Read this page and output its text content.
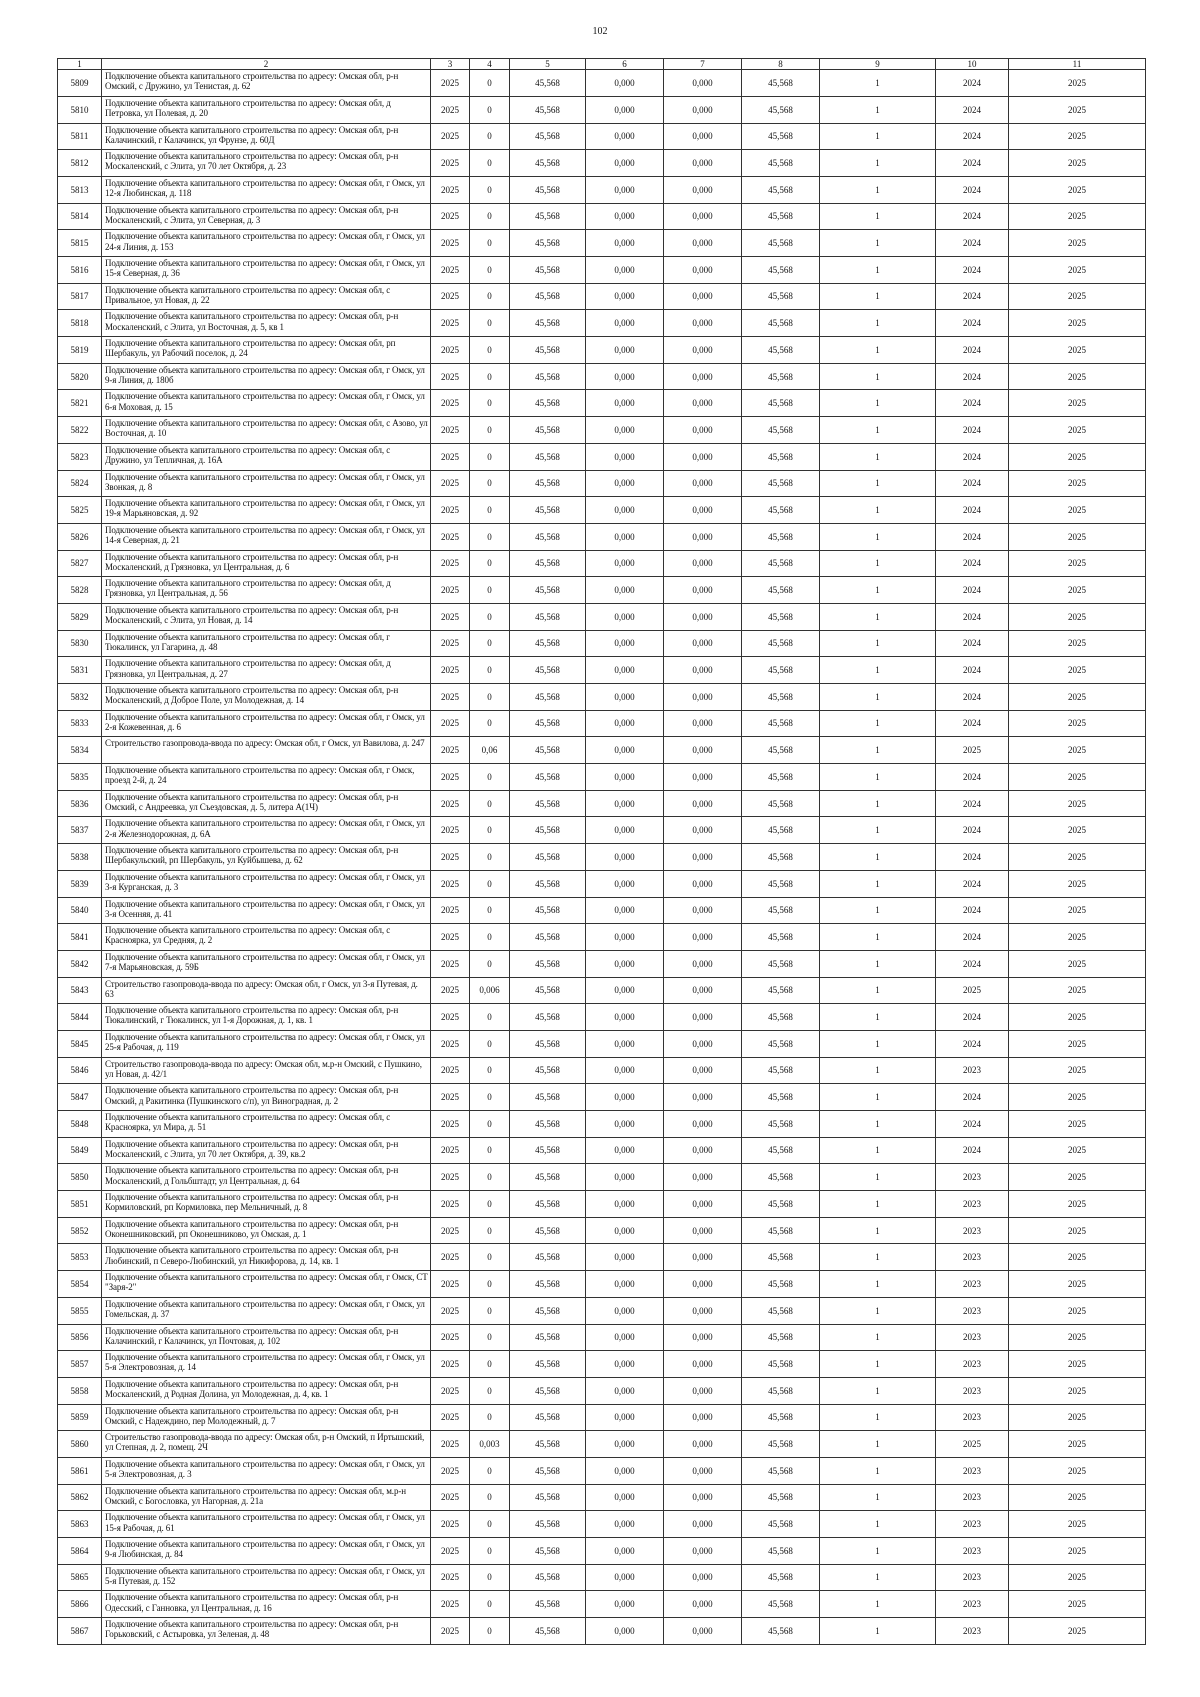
102
1	2	3	4	5	6	7	8	9	10	11
5809	Подключение объекта капитального строительства по адресу: Омская обл, р-н Омский, с Дружино, ул Тенистая, д. 62	2025	0	45,568	0,000	0,000	45,568	1	2024	2025
5810	Подключение объекта капитального строительства по адресу: Омская обл, д Петровка, ул Полевая, д. 20	2025	0	45,568	0,000	0,000	45,568	1	2024	2025
5811	Подключение объекта капитального строительства по адресу: Омская обл, р-н Калачинский, г Калачинск, ул Фрунзе, д. 60Д	2025	0	45,568	0,000	0,000	45,568	1	2024	2025
5812	Подключение объекта капитального строительства по адресу: Омская обл, р-н Москаленский, с Элита, ул 70 лет Октября, д. 23	2025	0	45,568	0,000	0,000	45,568	1	2024	2025
5813	Подключение объекта капитального строительства по адресу: Омская обл, г Омск, ул 12-я Любинская, д. 118	2025	0	45,568	0,000	0,000	45,568	1	2024	2025
5814	Подключение объекта капитального строительства по адресу: Омская обл, р-н Москаленский, с Элита, ул Северная, д. 3	2025	0	45,568	0,000	0,000	45,568	1	2024	2025
5815	Подключение объекта капитального строительства по адресу: Омская обл, г Омск, ул 24-я Линия, д. 153	2025	0	45,568	0,000	0,000	45,568	1	2024	2025
5816	Подключение объекта капитального строительства по адресу: Омская обл, г Омск, ул 15-я Северная, д. 36	2025	0	45,568	0,000	0,000	45,568	1	2024	2025
5817	Подключение объекта капитального строительства по адресу: Омская обл, с Привальное, ул Новая, д. 22	2025	0	45,568	0,000	0,000	45,568	1	2024	2025
5818	Подключение объекта капитального строительства по адресу: Омская обл, р-н Москаленский, с Элита, ул Восточная, д. 5, кв 1	2025	0	45,568	0,000	0,000	45,568	1	2024	2025
5819	Подключение объекта капитального строительства по адресу: Омская обл, рп Шербакуль, ул Рабочий поселок, д. 24	2025	0	45,568	0,000	0,000	45,568	1	2024	2025
5820	Подключение объекта капитального строительства по адресу: Омская обл, г Омск, ул 9-я Линия, д. 180б	2025	0	45,568	0,000	0,000	45,568	1	2024	2025
5821	Подключение объекта капитального строительства по адресу: Омская обл, г Омск, ул 6-я Моховая, д. 15	2025	0	45,568	0,000	0,000	45,568	1	2024	2025
5822	Подключение объекта капитального строительства по адресу: Омская обл, с Азово, ул Восточная, д. 10	2025	0	45,568	0,000	0,000	45,568	1	2024	2025
5823	Подключение объекта капитального строительства по адресу: Омская обл, с Дружино, ул Тепличная, д. 16А	2025	0	45,568	0,000	0,000	45,568	1	2024	2025
5824	Подключение объекта капитального строительства по адресу: Омская обл, г Омск, ул Звонкая, д. 8	2025	0	45,568	0,000	0,000	45,568	1	2024	2025
5825	Подключение объекта капитального строительства по адресу: Омская обл, г Омск, ул 19-я Марьяновская, д. 92	2025	0	45,568	0,000	0,000	45,568	1	2024	2025
5826	Подключение объекта капитального строительства по адресу: Омская обл, г Омск, ул 14-я Северная, д. 21	2025	0	45,568	0,000	0,000	45,568	1	2024	2025
5827	Подключение объекта капитального строительства по адресу: Омская обл, р-н Москаленский, д Грязновка, ул Центральная, д. 6	2025	0	45,568	0,000	0,000	45,568	1	2024	2025
5828	Подключение объекта капитального строительства по адресу: Омская обл, д Грязновка, ул Центральная, д. 56	2025	0	45,568	0,000	0,000	45,568	1	2024	2025
5829	Подключение объекта капитального строительства по адресу: Омская обл, р-н Москаленский, с Элита, ул Новая, д. 14	2025	0	45,568	0,000	0,000	45,568	1	2024	2025
5830	Подключение объекта капитального строительства по адресу: Омская обл, г Тюкалинск, ул Гагарина, д. 48	2025	0	45,568	0,000	0,000	45,568	1	2024	2025
5831	Подключение объекта капитального строительства по адресу: Омская обл, д Грязновка, ул Центральная, д. 27	2025	0	45,568	0,000	0,000	45,568	1	2024	2025
5832	Подключение объекта капитального строительства по адресу: Омская обл, р-н Москаленский, д Доброе Поле, ул Молодежная, д. 14	2025	0	45,568	0,000	0,000	45,568	1	2024	2025
5833	Подключение объекта капитального строительства по адресу: Омская обл, г Омск, ул 2-я Кожевенная, д. 6	2025	0	45,568	0,000	0,000	45,568	1	2024	2025
5834	Строительство газопровода-ввода по адресу: Омская обл, г Омск, ул Вавилова, д. 247	2025	0,06	45,568	0,000	0,000	45,568	1	2025	2025
5835	Подключение объекта капитального строительства по адресу: Омская обл, г Омск, проезд 2-й, д. 24	2025	0	45,568	0,000	0,000	45,568	1	2024	2025
5836	Подключение объекта капитального строительства по адресу: Омская обл, р-н Омский, с Андреевка, ул Съездовская, д. 5, литера А(1Ч)	2025	0	45,568	0,000	0,000	45,568	1	2024	2025
5837	Подключение объекта капитального строительства по адресу: Омская обл, г Омск, ул 2-я Железнодорожная, д. 6А	2025	0	45,568	0,000	0,000	45,568	1	2024	2025
5838	Подключение объекта капитального строительства по адресу: Омская обл, р-н Шербакульский, рп Шербакуль, ул Куйбышева, д. 62	2025	0	45,568	0,000	0,000	45,568	1	2024	2025
5839	Подключение объекта капитального строительства по адресу: Омская обл, г Омск, ул 3-я Курганская, д. 3	2025	0	45,568	0,000	0,000	45,568	1	2024	2025
5840	Подключение объекта капитального строительства по адресу: Омская обл, г Омск, ул 3-я Осенняя, д. 41	2025	0	45,568	0,000	0,000	45,568	1	2024	2025
5841	Подключение объекта капитального строительства по адресу: Омская обл, с Красноярка, ул Средняя, д. 2	2025	0	45,568	0,000	0,000	45,568	1	2024	2025
5842	Подключение объекта капитального строительства по адресу: Омская обл, г Омск, ул 7-я Марьяновская, д. 59Б	2025	0	45,568	0,000	0,000	45,568	1	2024	2025
5843	Строительство газопровода-ввода по адресу: Омская обл, г Омск, ул 3-я Путевая, д. 63	2025	0,006	45,568	0,000	0,000	45,568	1	2025	2025
5844	Подключение объекта капитального строительства по адресу: Омская обл, р-н Тюкалинский, г Тюкалинск, ул 1-я Дорожная, д. 1, кв. 1	2025	0	45,568	0,000	0,000	45,568	1	2024	2025
5845	Подключение объекта капитального строительства по адресу: Омская обл, г Омск, ул 25-я Рабочая, д. 119	2025	0	45,568	0,000	0,000	45,568	1	2024	2025
5846	Строительство газопровода-ввода по адресу: Омская обл, м.р-н Омский, с Пушкино, ул Новая, д. 42/1	2025	0	45,568	0,000	0,000	45,568	1	2023	2025
5847	Подключение объекта капитального строительства по адресу: Омская обл, р-н Омский, д Ракитинка (Пушкинского с/п), ул Виноградная, д. 2	2025	0	45,568	0,000	0,000	45,568	1	2024	2025
5848	Подключение объекта капитального строительства по адресу: Омская обл, с Красноярка, ул Мира, д. 51	2025	0	45,568	0,000	0,000	45,568	1	2024	2025
5849	Подключение объекта капитального строительства по адресу: Омская обл, р-н Москаленский, с Элита, ул 70 лет Октября, д. 39, кв.2	2025	0	45,568	0,000	0,000	45,568	1	2024	2025
5850	Подключение объекта капитального строительства по адресу: Омская обл, р-н Москаленский, д Гольбштадт, ул Центральная, д. 64	2025	0	45,568	0,000	0,000	45,568	1	2023	2025
5851	Подключение объекта капитального строительства по адресу: Омская обл, р-н Кормиловский, рп Кормиловка, пер Мельничный, д. 8	2025	0	45,568	0,000	0,000	45,568	1	2023	2025
5852	Подключение объекта капитального строительства по адресу: Омская обл, р-н Оконешниковский, рп Оконешниково, ул Омская, д. 1	2025	0	45,568	0,000	0,000	45,568	1	2023	2025
5853	Подключение объекта капитального строительства по адресу: Омская обл, р-н Любинский, п Северо-Любинский, ул Никифорова, д. 14, кв. 1	2025	0	45,568	0,000	0,000	45,568	1	2023	2025
5854	Подключение объекта капитального строительства по адресу: Омская обл, г Омск, СТ "Заря-2"	2025	0	45,568	0,000	0,000	45,568	1	2023	2025
5855	Подключение объекта капитального строительства по адресу: Омская обл, г Омск, ул Гомельская, д. 37	2025	0	45,568	0,000	0,000	45,568	1	2023	2025
5856	Подключение объекта капитального строительства по адресу: Омская обл, р-н Калачинский, г Калачинск, ул Почтовая, д. 102	2025	0	45,568	0,000	0,000	45,568	1	2023	2025
5857	Подключение объекта капитального строительства по адресу: Омская обл, г Омск, ул 5-я Электровозная, д. 14	2025	0	45,568	0,000	0,000	45,568	1	2023	2025
5858	Подключение объекта капитального строительства по адресу: Омская обл, р-н Москаленский, д Родная Долина, ул Молодежная, д. 4, кв. 1	2025	0	45,568	0,000	0,000	45,568	1	2023	2025
5859	Подключение объекта капитального строительства по адресу: Омская обл, р-н Омский, с Надеждино, пер Молодежный, д. 7	2025	0	45,568	0,000	0,000	45,568	1	2023	2025
5860	Строительство газопровода-ввода по адресу: Омская обл, р-н Омский, п Иртышский, ул Степная, д. 2, помещ. 2Ч	2025	0,003	45,568	0,000	0,000	45,568	1	2025	2025
5861	Подключение объекта капитального строительства по адресу: Омская обл, г Омск, ул 5-я Электровозная, д. 3	2025	0	45,568	0,000	0,000	45,568	1	2023	2025
5862	Подключение объекта капитального строительства по адресу: Омская обл, м.р-н Омский, с Богословка, ул Нагорная, д. 21а	2025	0	45,568	0,000	0,000	45,568	1	2023	2025
5863	Подключение объекта капитального строительства по адресу: Омская обл, г Омск, ул 15-я Рабочая, д. 61	2025	0	45,568	0,000	0,000	45,568	1	2023	2025
5864	Подключение объекта капитального строительства по адресу: Омская обл, г Омск, ул 9-я Любинская, д. 84	2025	0	45,568	0,000	0,000	45,568	1	2023	2025
5865	Подключение объекта капитального строительства по адресу: Омская обл, г Омск, ул 5-я Путевая, д. 152	2025	0	45,568	0,000	0,000	45,568	1	2023	2025
5866	Подключение объекта капитального строительства по адресу: Омская обл, р-н Одесский, с Ганновка, ул Центральная, д. 16	2025	0	45,568	0,000	0,000	45,568	1	2023	2025
5867	Подключение объекта капитального строительства по адресу: Омская обл, р-н Горьковский, с Астыровка, ул Зеленая, д. 48	2025	0	45,568	0,000	0,000	45,568	1	2023	2025
